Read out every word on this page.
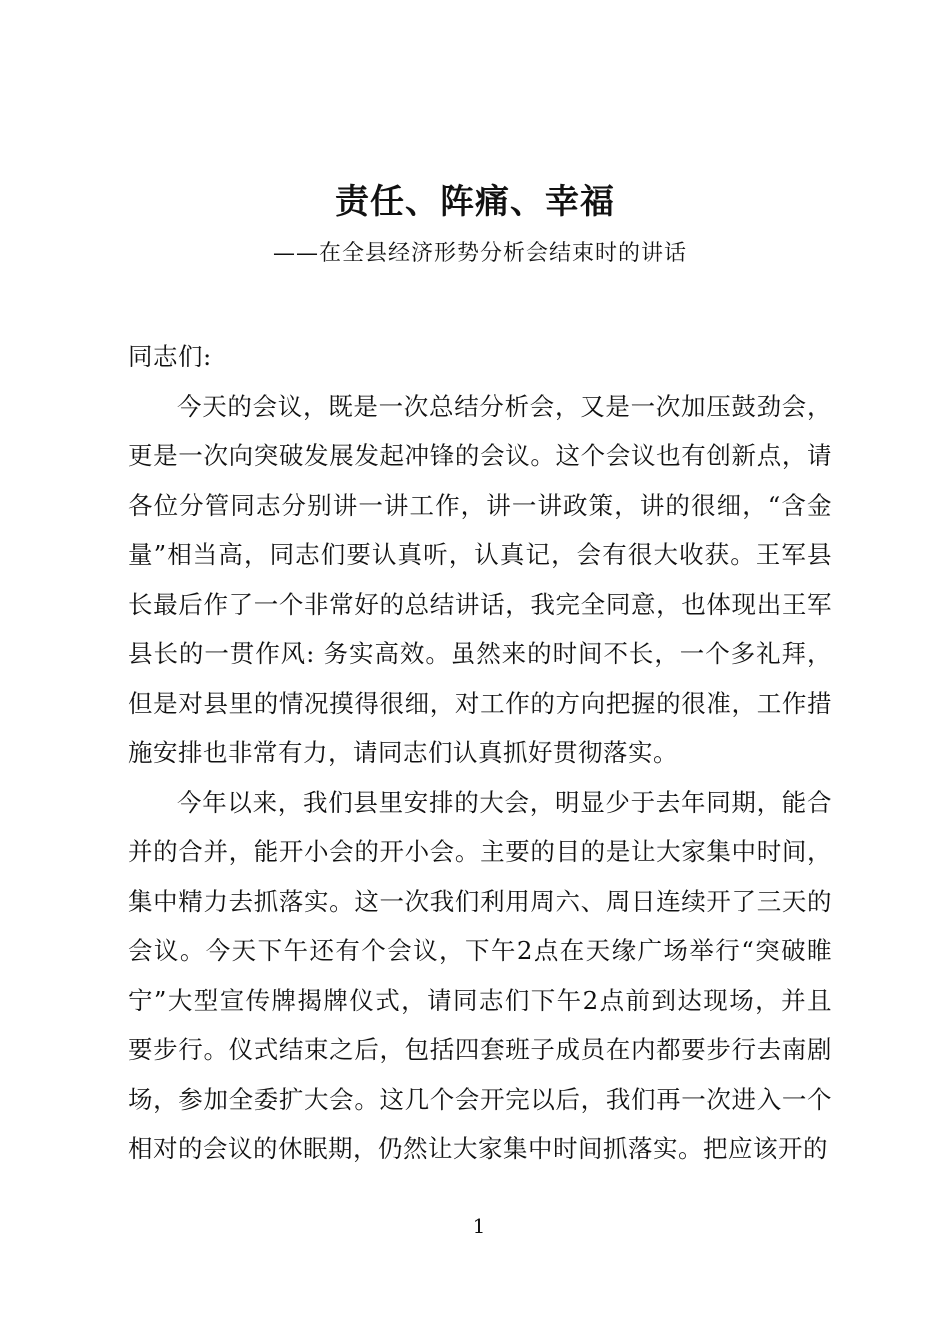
责任、阵痛、幸福
——在全县经济形势分析会结束时的讲话

同志们:

今天的会议，既是一次总结分析会，又是一次加压鼓劲会，更是一次向突破发展发起冲锋的会议。这个会议也有创新点，请各位分管同志分别讲一讲工作，讲一讲政策，讲的很细，“含金量”相当高，同志们要认真听，认真记，会有很大收获。王军县长最后作了一个非常好的总结讲话，我完全同意，也体现出王军县长的一贯作风: 务实高效。虽然来的时间不长，一个多礼拜，但是对县里的情况摸得很细，对工作的方向把握的很准，工作措施安排也非常有力，请同志们认真抓好贯彻落实。

今年以来，我们县里安排的大会，明显少于去年同期，能合并的合并，能开小会的开小会。主要的目的是让大家集中时间，集中精力去抓落实。这一次我们利用周六、周日连续开了三天的会议。今天下午还有个会议，下午2点在天缘广场举行“突破睢宁”大型宣传牌揭牌仪式，请同志们下午2点前到达现场，并且要步行。仪式结束之后，包括四套班子成员在内都要步行去南剧场，参加全委扩大会。这几个会开完以后，我们再一次进入一个相对的会议的休眠期，仍然让大家集中时间抓落实。把应该开的

1
